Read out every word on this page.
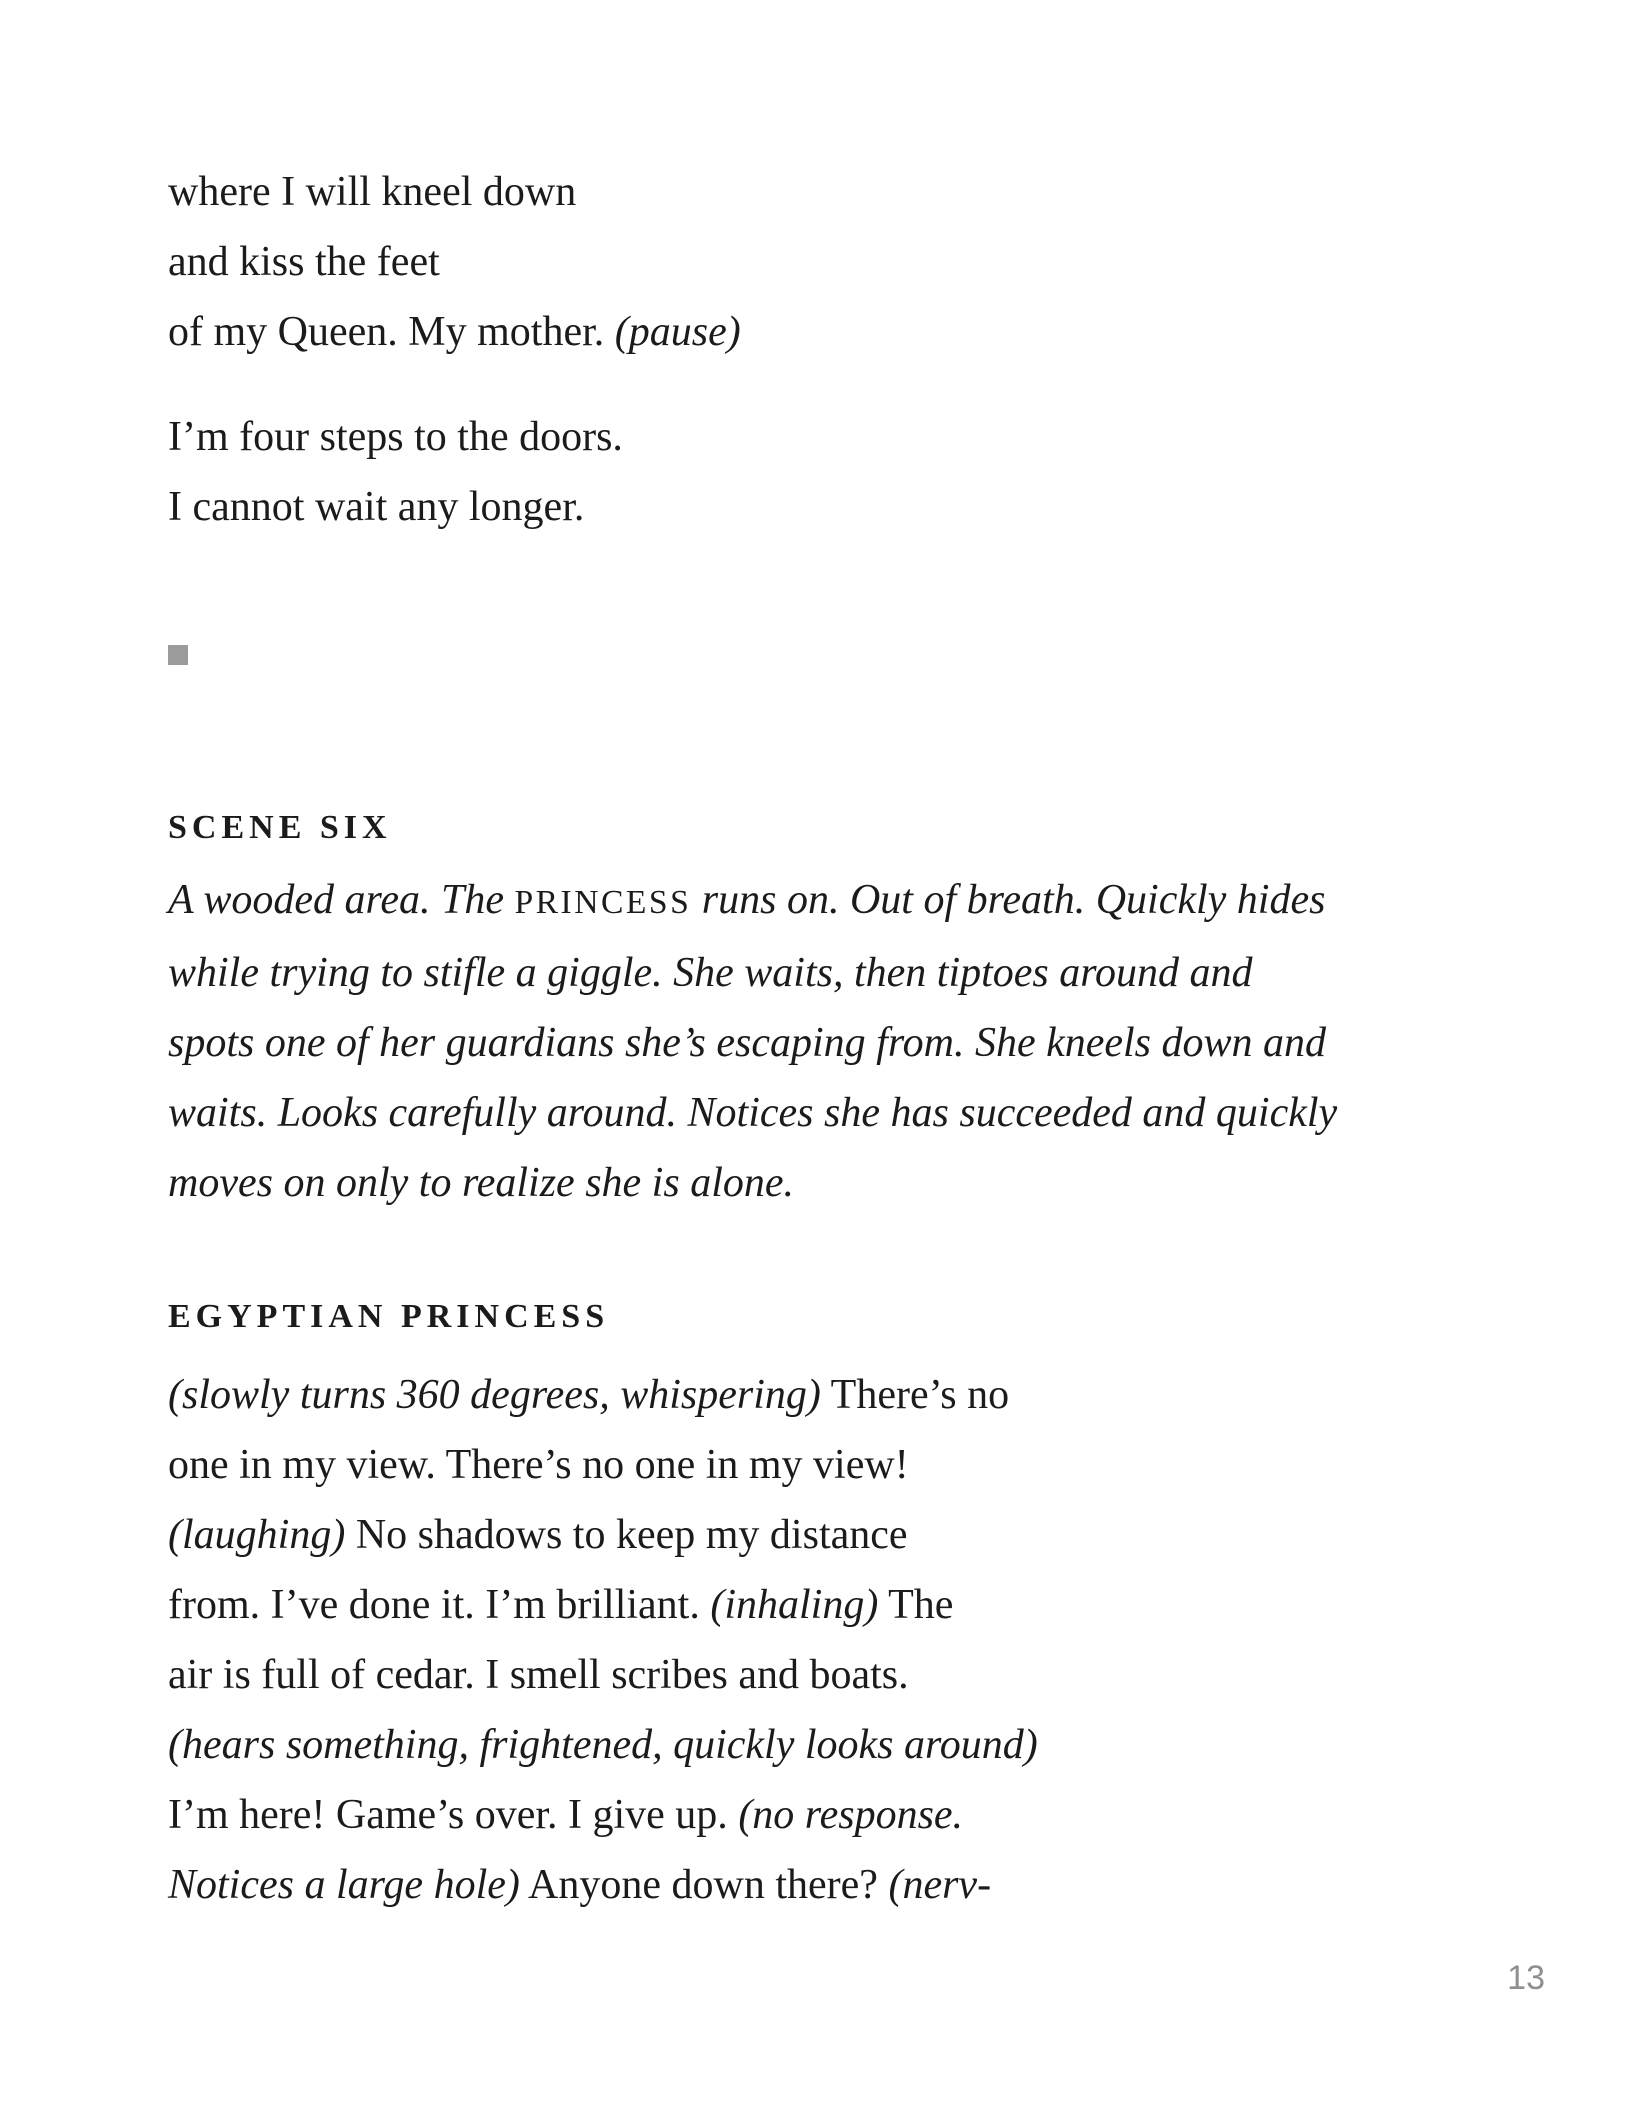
where I will kneel down
and kiss the feet
of my Queen. My mother. (pause)
I’m four steps to the doors.
I cannot wait any longer.
SCENE SIX
A wooded area. The PRINCESS runs on. Out of breath. Quickly hides
while trying to stifle a giggle. She waits, then tiptoes around and
spots one of her guardians she’s escaping from. She kneels down and
waits. Looks carefully around. Notices she has succeeded and quickly
moves on only to realize she is alone.
EGYPTIAN PRINCESS
(slowly turns 360 degrees, whispering) There’s no
one in my view. There’s no one in my view!
(laughing) No shadows to keep my distance
from. I’ve done it. I’m brilliant. (inhaling) The
air is full of cedar. I smell scribes and boats.
(hears something, frightened, quickly looks around)
I’m here! Game’s over. I give up. (no response.
Notices a large hole) Anyone down there? (nerv-
13
